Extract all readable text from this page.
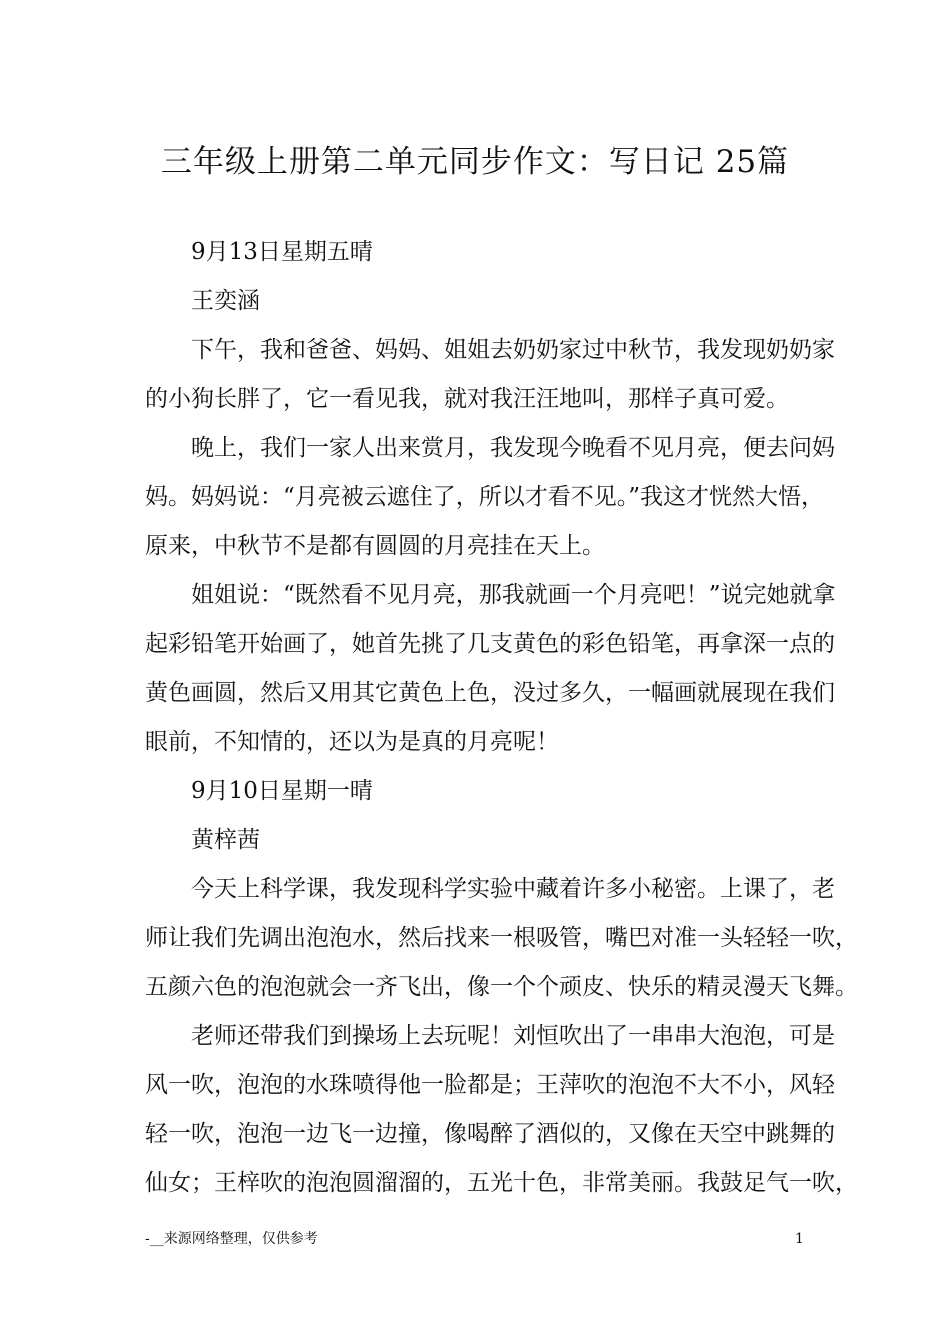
三年级上册第二单元同步作文：写日记 25篇

9月13日星期五晴

王奕涵

下午，我和爸爸、妈妈、姐姐去奶奶家过中秋节，我发现奶奶家

的小狗长胖了，它一看见我，就对我汪汪地叫，那样子真可爱。

晚上，我们一家人出来赏月，我发现今晚看不见月亮，便去问妈

妈。妈妈说：“月亮被云遮住了，所以才看不见。”我这才恍然大悟，

原来，中秋节不是都有圆圆的月亮挂在天上。

姐姐说：“既然看不见月亮，那我就画一个月亮吧！”说完她就拿

起彩铅笔开始画了，她首先挑了几支黄色的彩色铅笔，再拿深一点的

黄色画圆，然后又用其它黄色上色，没过多久，一幅画就展现在我们

眼前，不知情的，还以为是真的月亮呢！

9月10日星期一晴

黄梓茜

今天上科学课，我发现科学实验中藏着许多小秘密。上课了，老

师让我们先调出泡泡水，然后找来一根吸管，嘴巴对准一头轻轻一吹，

五颜六色的泡泡就会一齐飞出，像一个个顽皮、快乐的精灵漫天飞舞。

老师还带我们到操场上去玩呢！刘恒吹出了一串串大泡泡，可是

风一吹，泡泡的水珠喷得他一脸都是；王萍吹的泡泡不大不小，风轻

轻一吹，泡泡一边飞一边撞，像喝醉了酒似的，又像在天空中跳舞的

仙女；王梓吹的泡泡圆溜溜的，五光十色，非常美丽。我鼓足气一吹，

-__来源网络整理，仅供参考	1
